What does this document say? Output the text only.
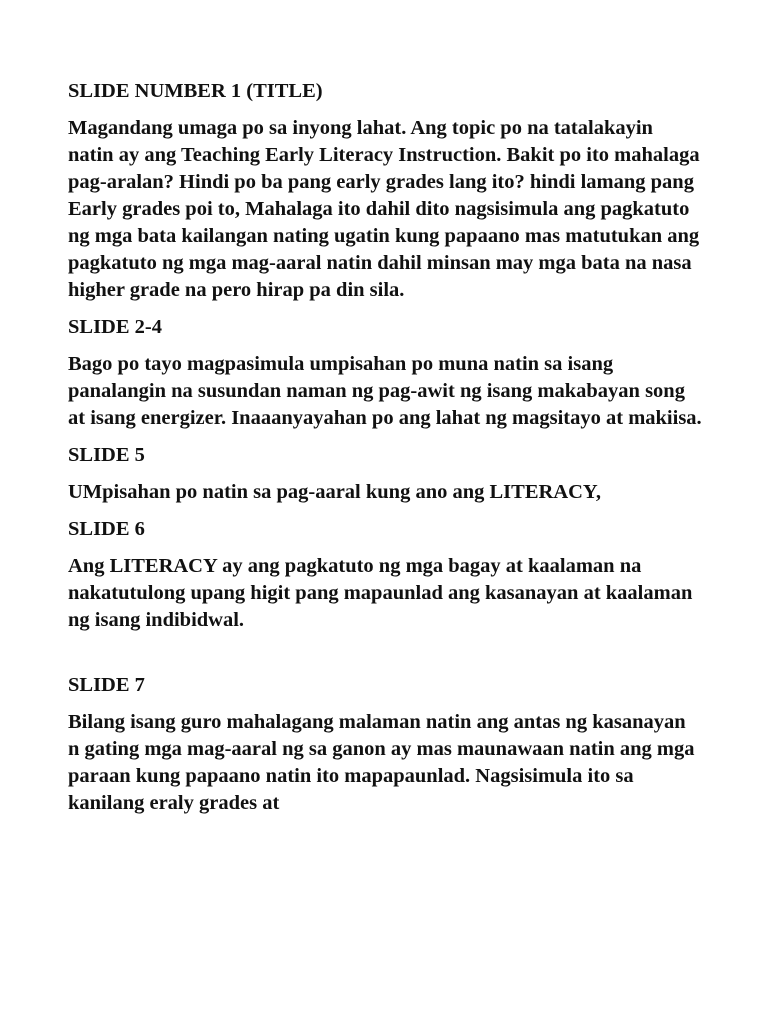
SLIDE NUMBER 1 (TITLE)

Magandang umaga po sa inyong lahat. Ang topic po na tatalakayin natin ay ang Teaching Early Literacy Instruction. Bakit po ito mahalaga pag-aralan? Hindi po ba pang early grades lang ito? hindi lamang pang Early grades poi to, Mahalaga ito dahil dito nagsisimula ang pagkatuto ng mga bata kailangan nating ugatin kung papaano mas matutukan ang pagkatuto ng mga mag-aaral natin dahil minsan may mga bata na nasa higher grade na pero hirap pa din sila.

SLIDE 2-4

Bago po tayo magpasimula umpisahan po muna natin sa isang panalangin na susundan naman ng pag-awit ng isang makabayan song at isang energizer. Inaaanyayahan po ang lahat ng magsitayo at makiisa.

SLIDE 5

UMpisahan po natin sa pag-aaral kung ano ang LITERACY,

SLIDE 6

Ang LITERACY ay ang pagkatuto ng mga bagay at kaalaman na nakatutulong upang higit pang mapaunlad ang kasanayan at kaalaman ng isang indibidwal.

SLIDE 7

Bilang isang guro mahalagang malaman natin ang antas ng kasanayan n gating mga mag-aaral ng sa ganon ay mas maunawaan natin ang mga paraan kung papaano natin ito mapapaunlad. Nagsisimula ito sa kanilang eraly grades at
